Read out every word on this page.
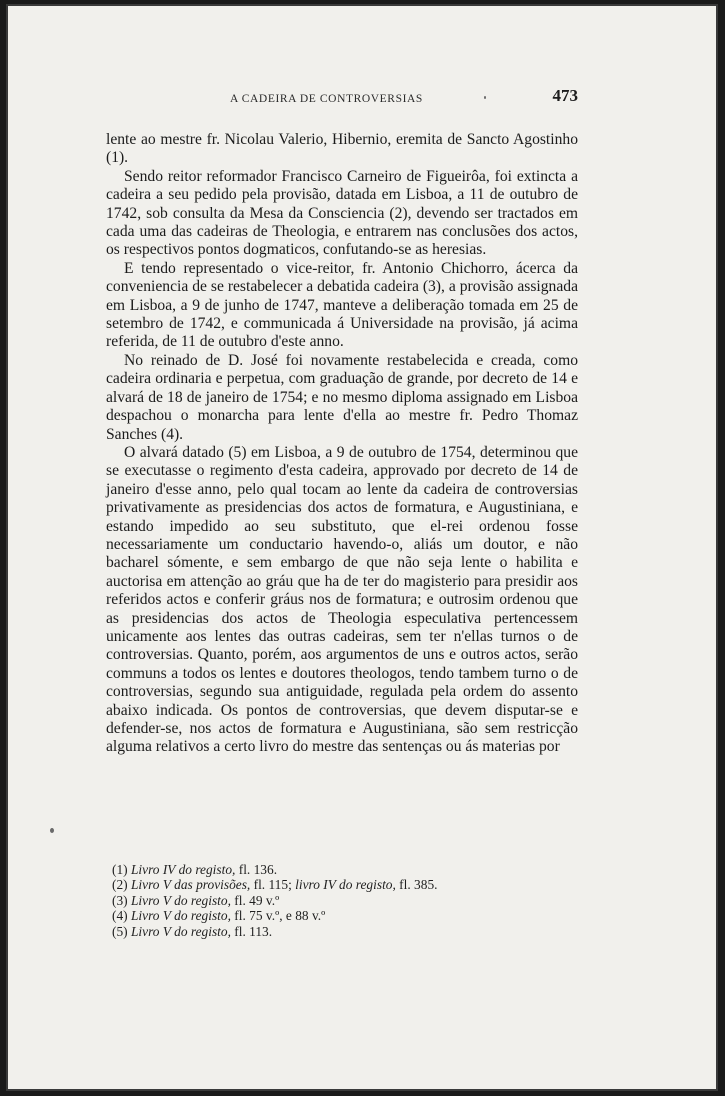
A CADEIRA DE CONTROVERSIAS	473

lente ao mestre fr. Nicolau Valerio, Hibernio, eremita de Sancto Agostinho (1).

Sendo reitor reformador Francisco Carneiro de Figueirôa, foi extincta a cadeira a seu pedido pela provisão, datada em Lisboa, a 11 de outubro de 1742, sob consulta da Mesa da Consciencia (2), devendo ser tractados em cada uma das cadeiras de Theologia, e entrarem nas conclusões dos actos, os respectivos pontos dogmaticos, confutando-se as heresias.

E tendo representado o vice-reitor, fr. Antonio Chichorro, ácerca da conveniencia de se restabelecer a debatida cadeira (3), a provisão assignada em Lisboa, a 9 de junho de 1747, manteve a deliberação tomada em 25 de setembro de 1742, e communicada á Universidade na provisão, já acima referida, de 11 de outubro d'este anno.

No reinado de D. José foi novamente restabelecida e creada, como cadeira ordinaria e perpetua, com graduação de grande, por decreto de 14 e alvará de 18 de janeiro de 1754; e no mesmo diploma assignado em Lisboa despachou o monarcha para lente d'ella ao mestre fr. Pedro Thomaz Sanches (4).

O alvará datado (5) em Lisboa, a 9 de outubro de 1754, determinou que se executasse o regimento d'esta cadeira, approvado por decreto de 14 de janeiro d'esse anno, pelo qual tocam ao lente da cadeira de controversias privativamente as presidencias dos actos de formatura, e Augustiniana, e estando impedido ao seu substituto, que el-rei ordenou fosse necessariamente um conductario havendo-o, aliás um doutor, e não bacharel sómente, e sem embargo de que não seja lente o habilita e auctorisa em attenção ao gráu que ha de ter do magisterio para presidir aos referidos actos e conferir gráus nos de formatura; e outrosim ordenou que as presidencias dos actos de Theologia especulativa pertencessem unicamente aos lentes das outras cadeiras, sem ter n'ellas turnos o de controversias. Quanto, porém, aos argumentos de uns e outros actos, serão communs a todos os lentes e doutores theologos, tendo tambem turno o de controversias, segundo sua antiguidade, regulada pela ordem do assento abaixo indicada. Os pontos de controversias, que devem disputar-se e defender-se, nos actos de formatura e Augustiniana, são sem restricção alguma relativos a certo livro do mestre das sentenças ou ás materias por

(1) Livro IV do registo, fl. 136.
(2) Livro V das provisões, fl. 115; livro IV do registo, fl. 385.
(3) Livro V do registo, fl. 49 v.º
(4) Livro V do registo, fl. 75 v.º, e 88 v.º
(5) Livro V do registo, fl. 113.
